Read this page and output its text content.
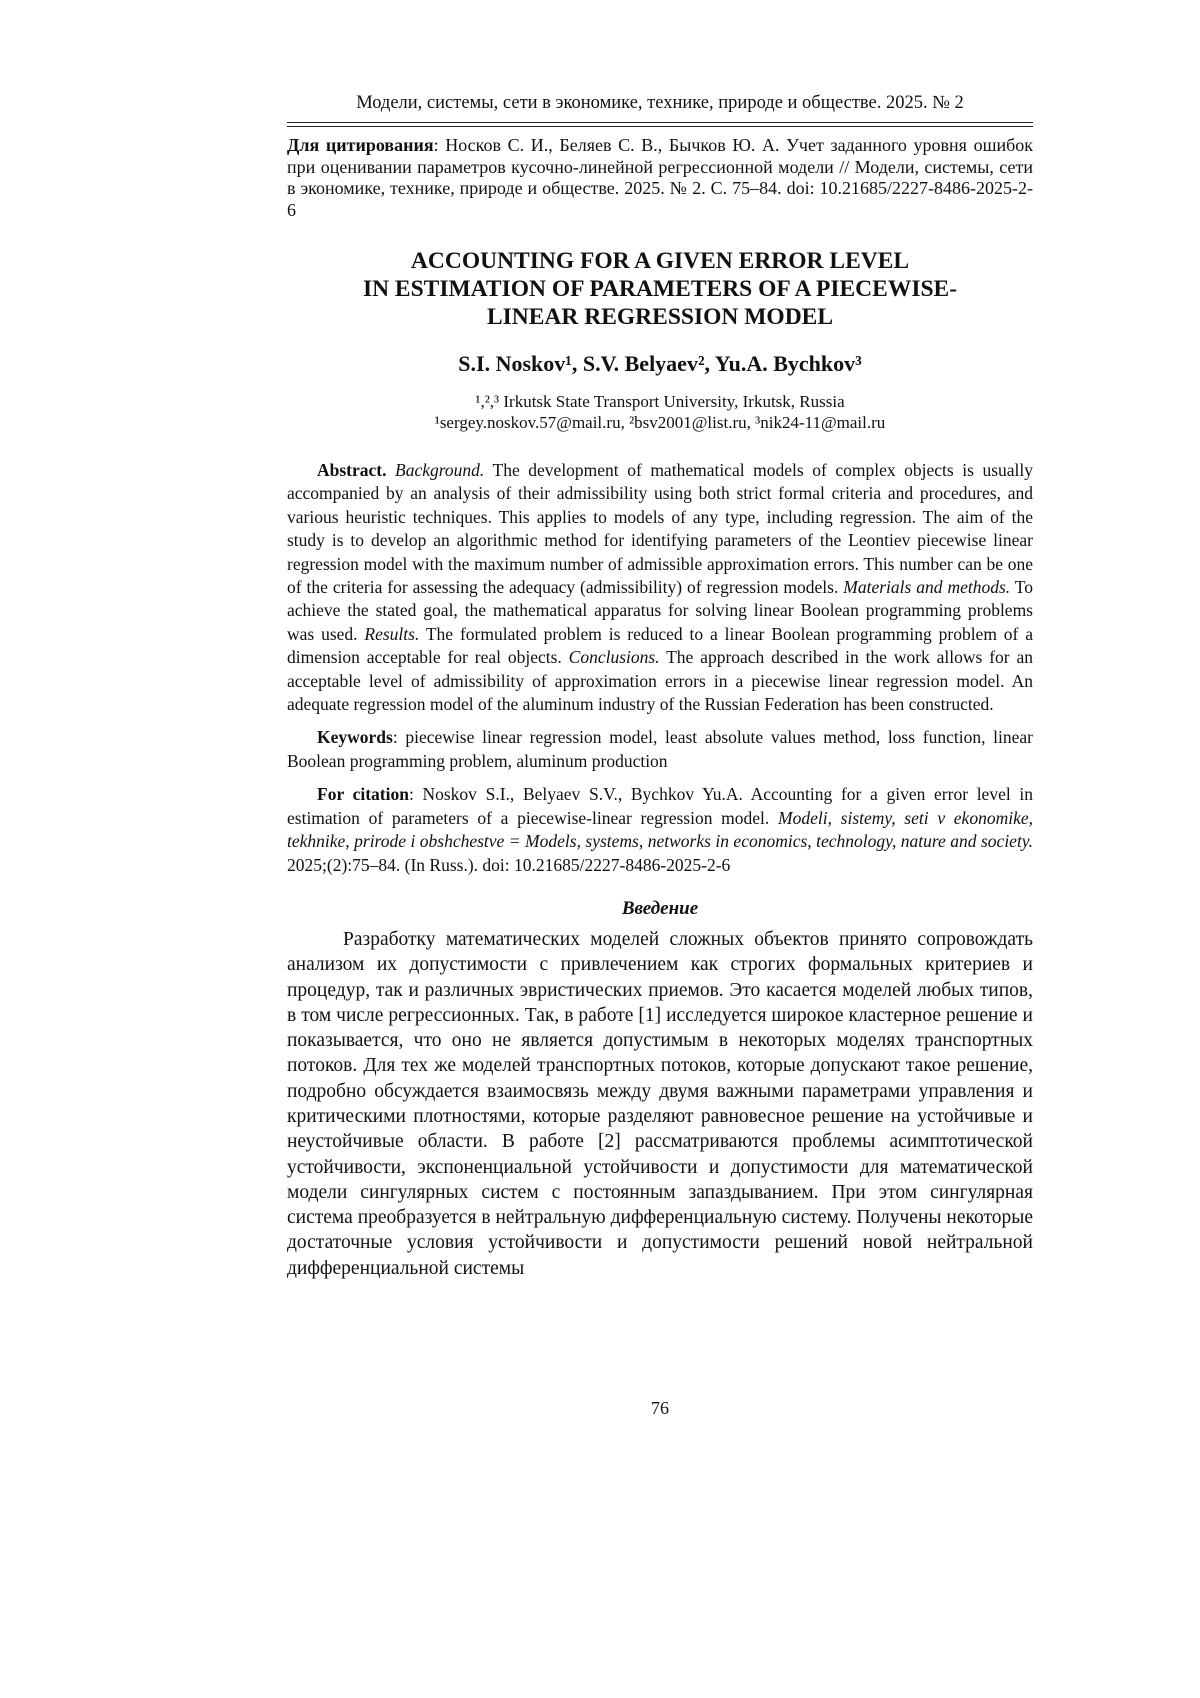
Модели, системы, сети в экономике, технике, природе и обществе. 2025. № 2

Для цитирования: Носков С. И., Беляев С. В., Бычков Ю. А. Учет заданного уровня ошибок при оценивании параметров кусочно-линейной регрессионной модели // Модели, системы, сети в экономике, технике, природе и обществе. 2025. № 2. С. 75–84. doi: 10.21685/2227-8486-2025-2-6

ACCOUNTING FOR A GIVEN ERROR LEVEL
IN ESTIMATION OF PARAMETERS OF A PIECEWISE-
LINEAR REGRESSION MODEL
S.I. Noskov¹, S.V. Belyaev², Yu.A. Bychkov³
¹,²,³ Irkutsk State Transport University, Irkutsk, Russia
¹sergey.noskov.57@mail.ru, ²bsv2001@list.ru, ³nik24-11@mail.ru

Abstract. Background. The development of mathematical models of complex objects is usually accompanied by an analysis of their admissibility using both strict formal criteria and procedures, and various heuristic techniques. This applies to models of any type, including regression. The aim of the study is to develop an algorithmic method for identifying parameters of the Leontiev piecewise linear regression model with the maximum number of admissible approximation errors. This number can be one of the criteria for assessing the adequacy (admissibility) of regression models. Materials and methods. To achieve the stated goal, the mathematical apparatus for solving linear Boolean programming problems was used. Results. The formulated problem is reduced to a linear Boolean programming problem of a dimension acceptable for real objects. Conclusions. The approach described in the work allows for an acceptable level of admissibility of approximation errors in a piecewise linear regression model. An adequate regression model of the aluminum industry of the Russian Federation has been constructed.

Keywords: piecewise linear regression model, least absolute values method, loss function, linear Boolean programming problem, aluminum production

For citation: Noskov S.I., Belyaev S.V., Bychkov Yu.A. Accounting for a given error level in estimation of parameters of a piecewise-linear regression model. Modeli, sistemy, seti v ekonomike, tekhnike, prirode i obshchestve = Models, systems, networks in economics, technology, nature and society. 2025;(2):75–84. (In Russ.). doi: 10.21685/2227-8486-2025-2-6

Введение

Разработку математических моделей сложных объектов принято сопровождать анализом их допустимости с привлечением как строгих формальных критериев и процедур, так и различных эвристических приемов. Это касается моделей любых типов, в том числе регрессионных. Так, в работе [1] исследуется широкое кластерное решение и показывается, что оно не является допустимым в некоторых моделях транспортных потоков. Для тех же моделей транспортных потоков, которые допускают такое решение, подробно обсуждается взаимосвязь между двумя важными параметрами управления и критическими плотностями, которые разделяют равновесное решение на устойчивые и неустойчивые области. В работе [2] рассматриваются проблемы асимптотической устойчивости, экспоненциальной устойчивости и допустимости для математической модели сингулярных систем с постоянным запаздыванием. При этом сингулярная система преобразуется в нейтральную дифференциальную систему. Получены некоторые достаточные условия устойчивости и допустимости решений новой нейтральной дифференциальной системы

76
